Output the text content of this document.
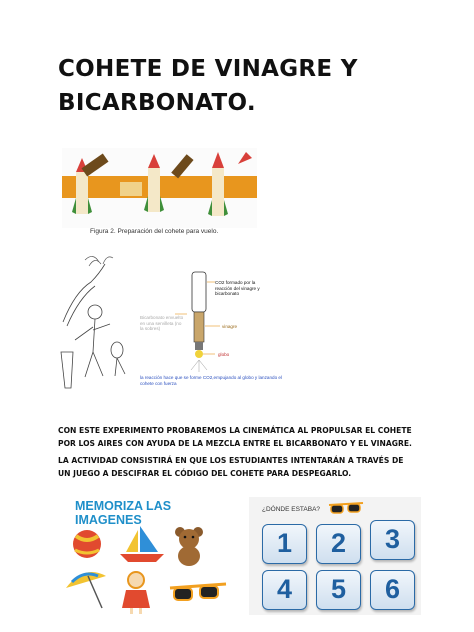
COHETE DE VINAGRE Y BICARBONATO.
Figura 2. Preparación del cohete para vuelo.
CO2 formado por la reacción del vinagre y bicarbonato
Bicarbonato envuelto en una servilleta (no la sobres)	vinagre
globo
la reacción hace que se forme CO2,empujando al globo y lanzando el cohete con fuerza
CON ESTE EXPERIMENTO PROBAREMOS LA CINEMÁTICA AL PROPULSAR EL COHETE POR LOS AIRES CON AYUDA DE LA MEZCLA ENTRE EL BICARBONATO Y EL VINAGRE.
LA ACTIVIDAD CONSISTIRÁ EN QUE LOS ESTUDIANTES INTENTARÁN A TRAVÉS DE UN JUEGO A DESCIFRAR EL CÓDIGO DEL COHETE PARA DESPEGARLO.
MEMORIZA LAS IMAGENES
¿DÓNDE ESTABA?
1	2	3
4	5	6
